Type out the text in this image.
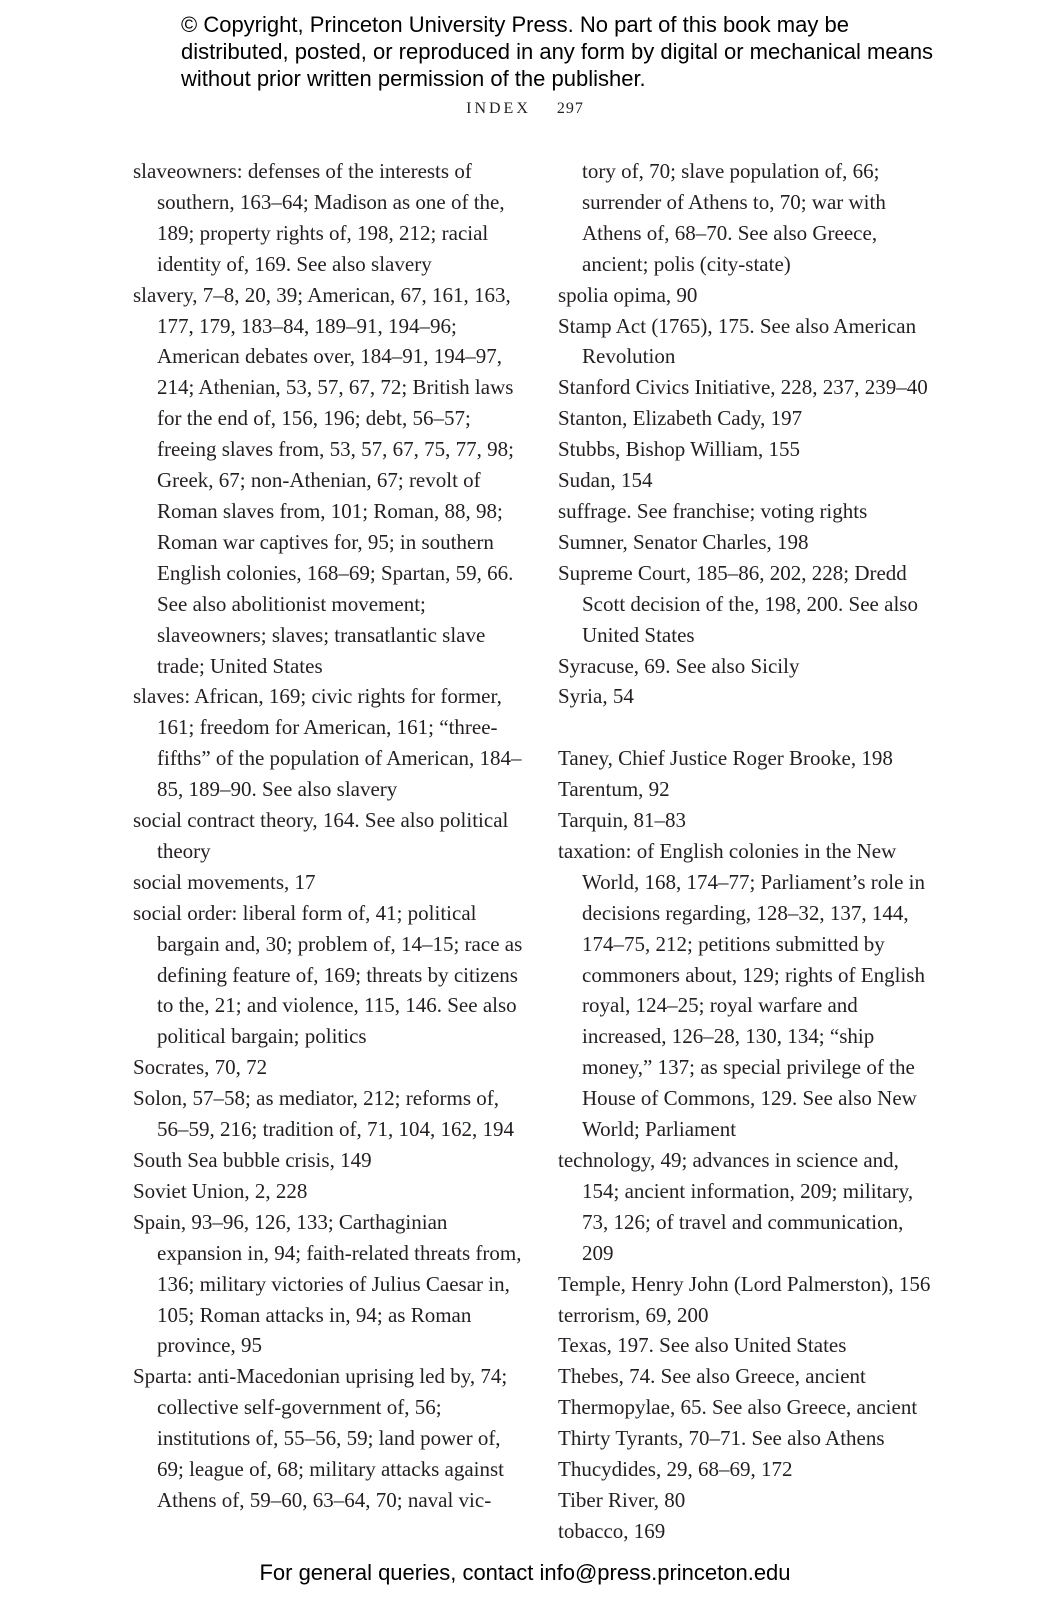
© Copyright, Princeton University Press. No part of this book may be distributed, posted, or reproduced in any form by digital or mechanical means without prior written permission of the publisher.
INDEX 297
slaveowners: defenses of the interests of southern, 163–64; Madison as one of the, 189; property rights of, 198, 212; racial identity of, 169. See also slavery
slavery, 7–8, 20, 39; American, 67, 161, 163, 177, 179, 183–84, 189–91, 194–96; American debates over, 184–91, 194–97, 214; Athenian, 53, 57, 67, 72; British laws for the end of, 156, 196; debt, 56–57; freeing slaves from, 53, 57, 67, 75, 77, 98; Greek, 67; non-Athenian, 67; revolt of Roman slaves from, 101; Roman, 88, 98; Roman war captives for, 95; in southern English colonies, 168–69; Spartan, 59, 66. See also abolitionist movement; slaveowners; slaves; transatlantic slave trade; United States
slaves: African, 169; civic rights for former, 161; freedom for American, 161; “three-fifths” of the population of American, 184–85, 189–90. See also slavery
social contract theory, 164. See also political theory
social movements, 17
social order: liberal form of, 41; political bargain and, 30; problem of, 14–15; race as defining feature of, 169; threats by citizens to the, 21; and violence, 115, 146. See also political bargain; politics
Socrates, 70, 72
Solon, 57–58; as mediator, 212; reforms of, 56–59, 216; tradition of, 71, 104, 162, 194
South Sea bubble crisis, 149
Soviet Union, 2, 228
Spain, 93–96, 126, 133; Carthaginian expansion in, 94; faith-related threats from, 136; military victories of Julius Caesar in, 105; Roman attacks in, 94; as Roman province, 95
Sparta: anti-Macedonian uprising led by, 74; collective self-government of, 56; institutions of, 55–56, 59; land power of, 69; league of, 68; military attacks against Athens of, 59–60, 63–64, 70; naval vic-
tory of, 70; slave population of, 66; surrender of Athens to, 70; war with Athens of, 68–70. See also Greece, ancient; polis (city-state)
spolia opima, 90
Stamp Act (1765), 175. See also American Revolution
Stanford Civics Initiative, 228, 237, 239–40
Stanton, Elizabeth Cady, 197
Stubbs, Bishop William, 155
Sudan, 154
suffrage. See franchise; voting rights
Sumner, Senator Charles, 198
Supreme Court, 185–86, 202, 228; Dredd Scott decision of the, 198, 200. See also United States
Syracuse, 69. See also Sicily
Syria, 54
Taney, Chief Justice Roger Brooke, 198
Tarentum, 92
Tarquin, 81–83
taxation: of English colonies in the New World, 168, 174–77; Parliament’s role in decisions regarding, 128–32, 137, 144, 174–75, 212; petitions submitted by commoners about, 129; rights of English royal, 124–25; royal warfare and increased, 126–28, 130, 134; “ship money,” 137; as special privilege of the House of Commons, 129. See also New World; Parliament
technology, 49; advances in science and, 154; ancient information, 209; military, 73, 126; of travel and communication, 209
Temple, Henry John (Lord Palmerston), 156
terrorism, 69, 200
Texas, 197. See also United States
Thebes, 74. See also Greece, ancient
Thermopylae, 65. See also Greece, ancient
Thirty Tyrants, 70–71. See also Athens
Thucydides, 29, 68–69, 172
Tiber River, 80
tobacco, 169
For general queries, contact info@press.princeton.edu
